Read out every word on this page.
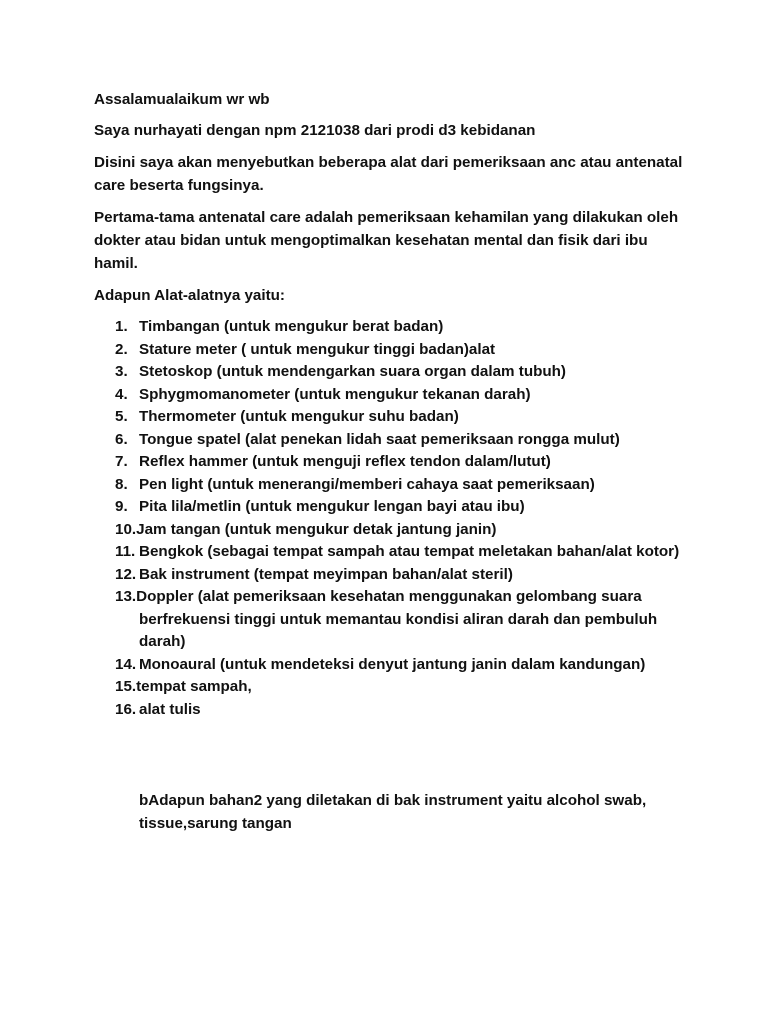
Assalamualaikum wr wb

Saya nurhayati dengan npm 2121038 dari prodi d3 kebidanan

Disini saya akan menyebutkan beberapa alat dari pemeriksaan anc atau antenatal care beserta fungsinya.

Pertama-tama antenatal care adalah pemeriksaan kehamilan yang dilakukan oleh dokter atau bidan untuk mengoptimalkan kesehatan mental dan fisik dari ibu hamil.

Adapun Alat-alatnya yaitu:

1. Timbangan (untuk mengukur berat badan)
2. Stature meter ( untuk mengukur tinggi badan)alat
3. Stetoskop (untuk mendengarkan suara organ dalam tubuh)
4. Sphygmomanometer (untuk mengukur tekanan darah)
5. Thermometer (untuk mengukur suhu badan)
6. Tongue spatel (alat penekan lidah saat pemeriksaan rongga mulut)
7. Reflex hammer (untuk menguji reflex tendon dalam/lutut)
8. Pen light (untuk menerangi/memberi cahaya saat pemeriksaan)
9. Pita lila/metlin (untuk mengukur lengan bayi atau ibu)
10.Jam tangan (untuk mengukur detak jantung janin)
11. Bengkok (sebagai tempat sampah atau tempat meletakan bahan/alat kotor)
12. Bak instrument (tempat meyimpan bahan/alat steril)
13.Doppler (alat pemeriksaan kesehatan menggunakan gelombang suara berfrekuensi tinggi untuk memantau kondisi aliran darah dan pembuluh darah)
14. Monoaural (untuk mendeteksi denyut jantung janin dalam kandungan)
15.tempat sampah,
16. alat tulis

bAdapun bahan2 yang diletakan di bak instrument yaitu alcohol swab, tissue,sarung tangan
